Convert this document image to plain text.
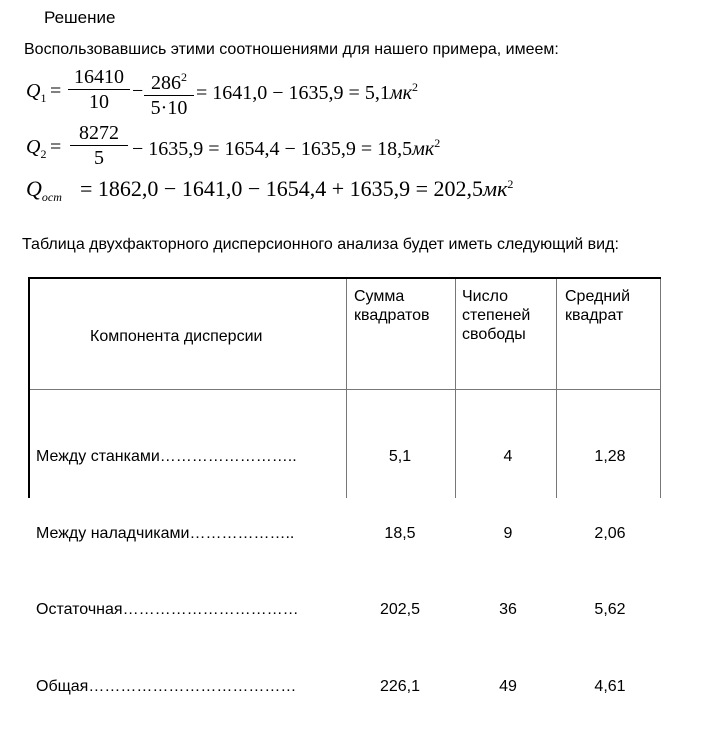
Решение
Воспользовавшись этими соотношениями для нашего примера, имеем:
$Q_1$ =
16410
10
− $286^2$
5·10
= $1641,0 - 1635,9 = 5,1мк^2$
$Q_2$ =
8272
5	− $1635,9 = 1654,4 - 1635,9 = 18,5мк^2$
$Q_{ост} = 1862,0 - 1641,0 - 1654,4 + 1635,9 = 202,5мк^2$
Таблица двухфакторного дисперсионного анализа будет иметь следующий вид:
Компонента дисперсии
Сумма
квадратов
Число
степеней
свободы
Средний
квадрат

Между станками……………………..

Между наладчиками………………..

Остаточная……………………………

Общая…………………………………

5,1

18,5

202,5

226,1

4

9

36

49

1,28

2,06

5,62

4,61
